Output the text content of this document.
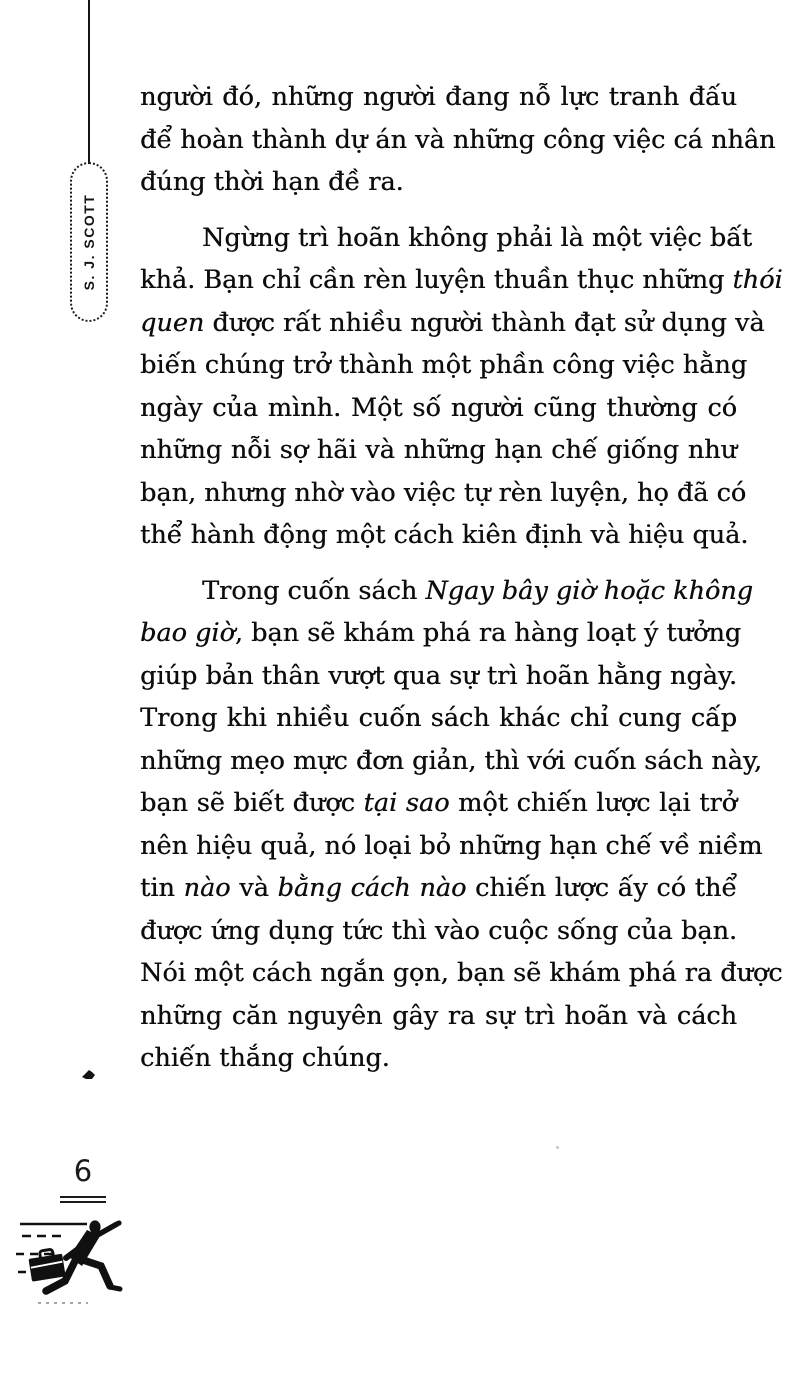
S. J. SCOTT
người đó, những người đang nỗ lực tranh đấu
để hoàn thành dự án và những công việc cá nhân
đúng thời hạn đề ra.
Ngừng trì hoãn không phải là một việc bất
khả. Bạn chỉ cần rèn luyện thuần thục những thói
quen được rất nhiều người thành đạt sử dụng và
biến chúng trở thành một phần công việc hằng
ngày của mình. Một số người cũng thường có
những nỗi sợ hãi và những hạn chế giống như
bạn, nhưng nhờ vào việc tự rèn luyện, họ đã có
thể hành động một cách kiên định và hiệu quả.
Trong cuốn sách Ngay bây giờ hoặc không
bao giờ, bạn sẽ khám phá ra hàng loạt ý tưởng
giúp bản thân vượt qua sự trì hoãn hằng ngày.
Trong khi nhiều cuốn sách khác chỉ cung cấp
những mẹo mực đơn giản, thì với cuốn sách này,
bạn sẽ biết được tại sao một chiến lược lại trở
nên hiệu quả, nó loại bỏ những hạn chế về niềm
tin nào và bằng cách nào chiến lược ấy có thể
được ứng dụng tức thì vào cuộc sống của bạn.
Nói một cách ngắn gọn, bạn sẽ khám phá ra được
những căn nguyên gây ra sự trì hoãn và cách
chiến thắng chúng.
6
